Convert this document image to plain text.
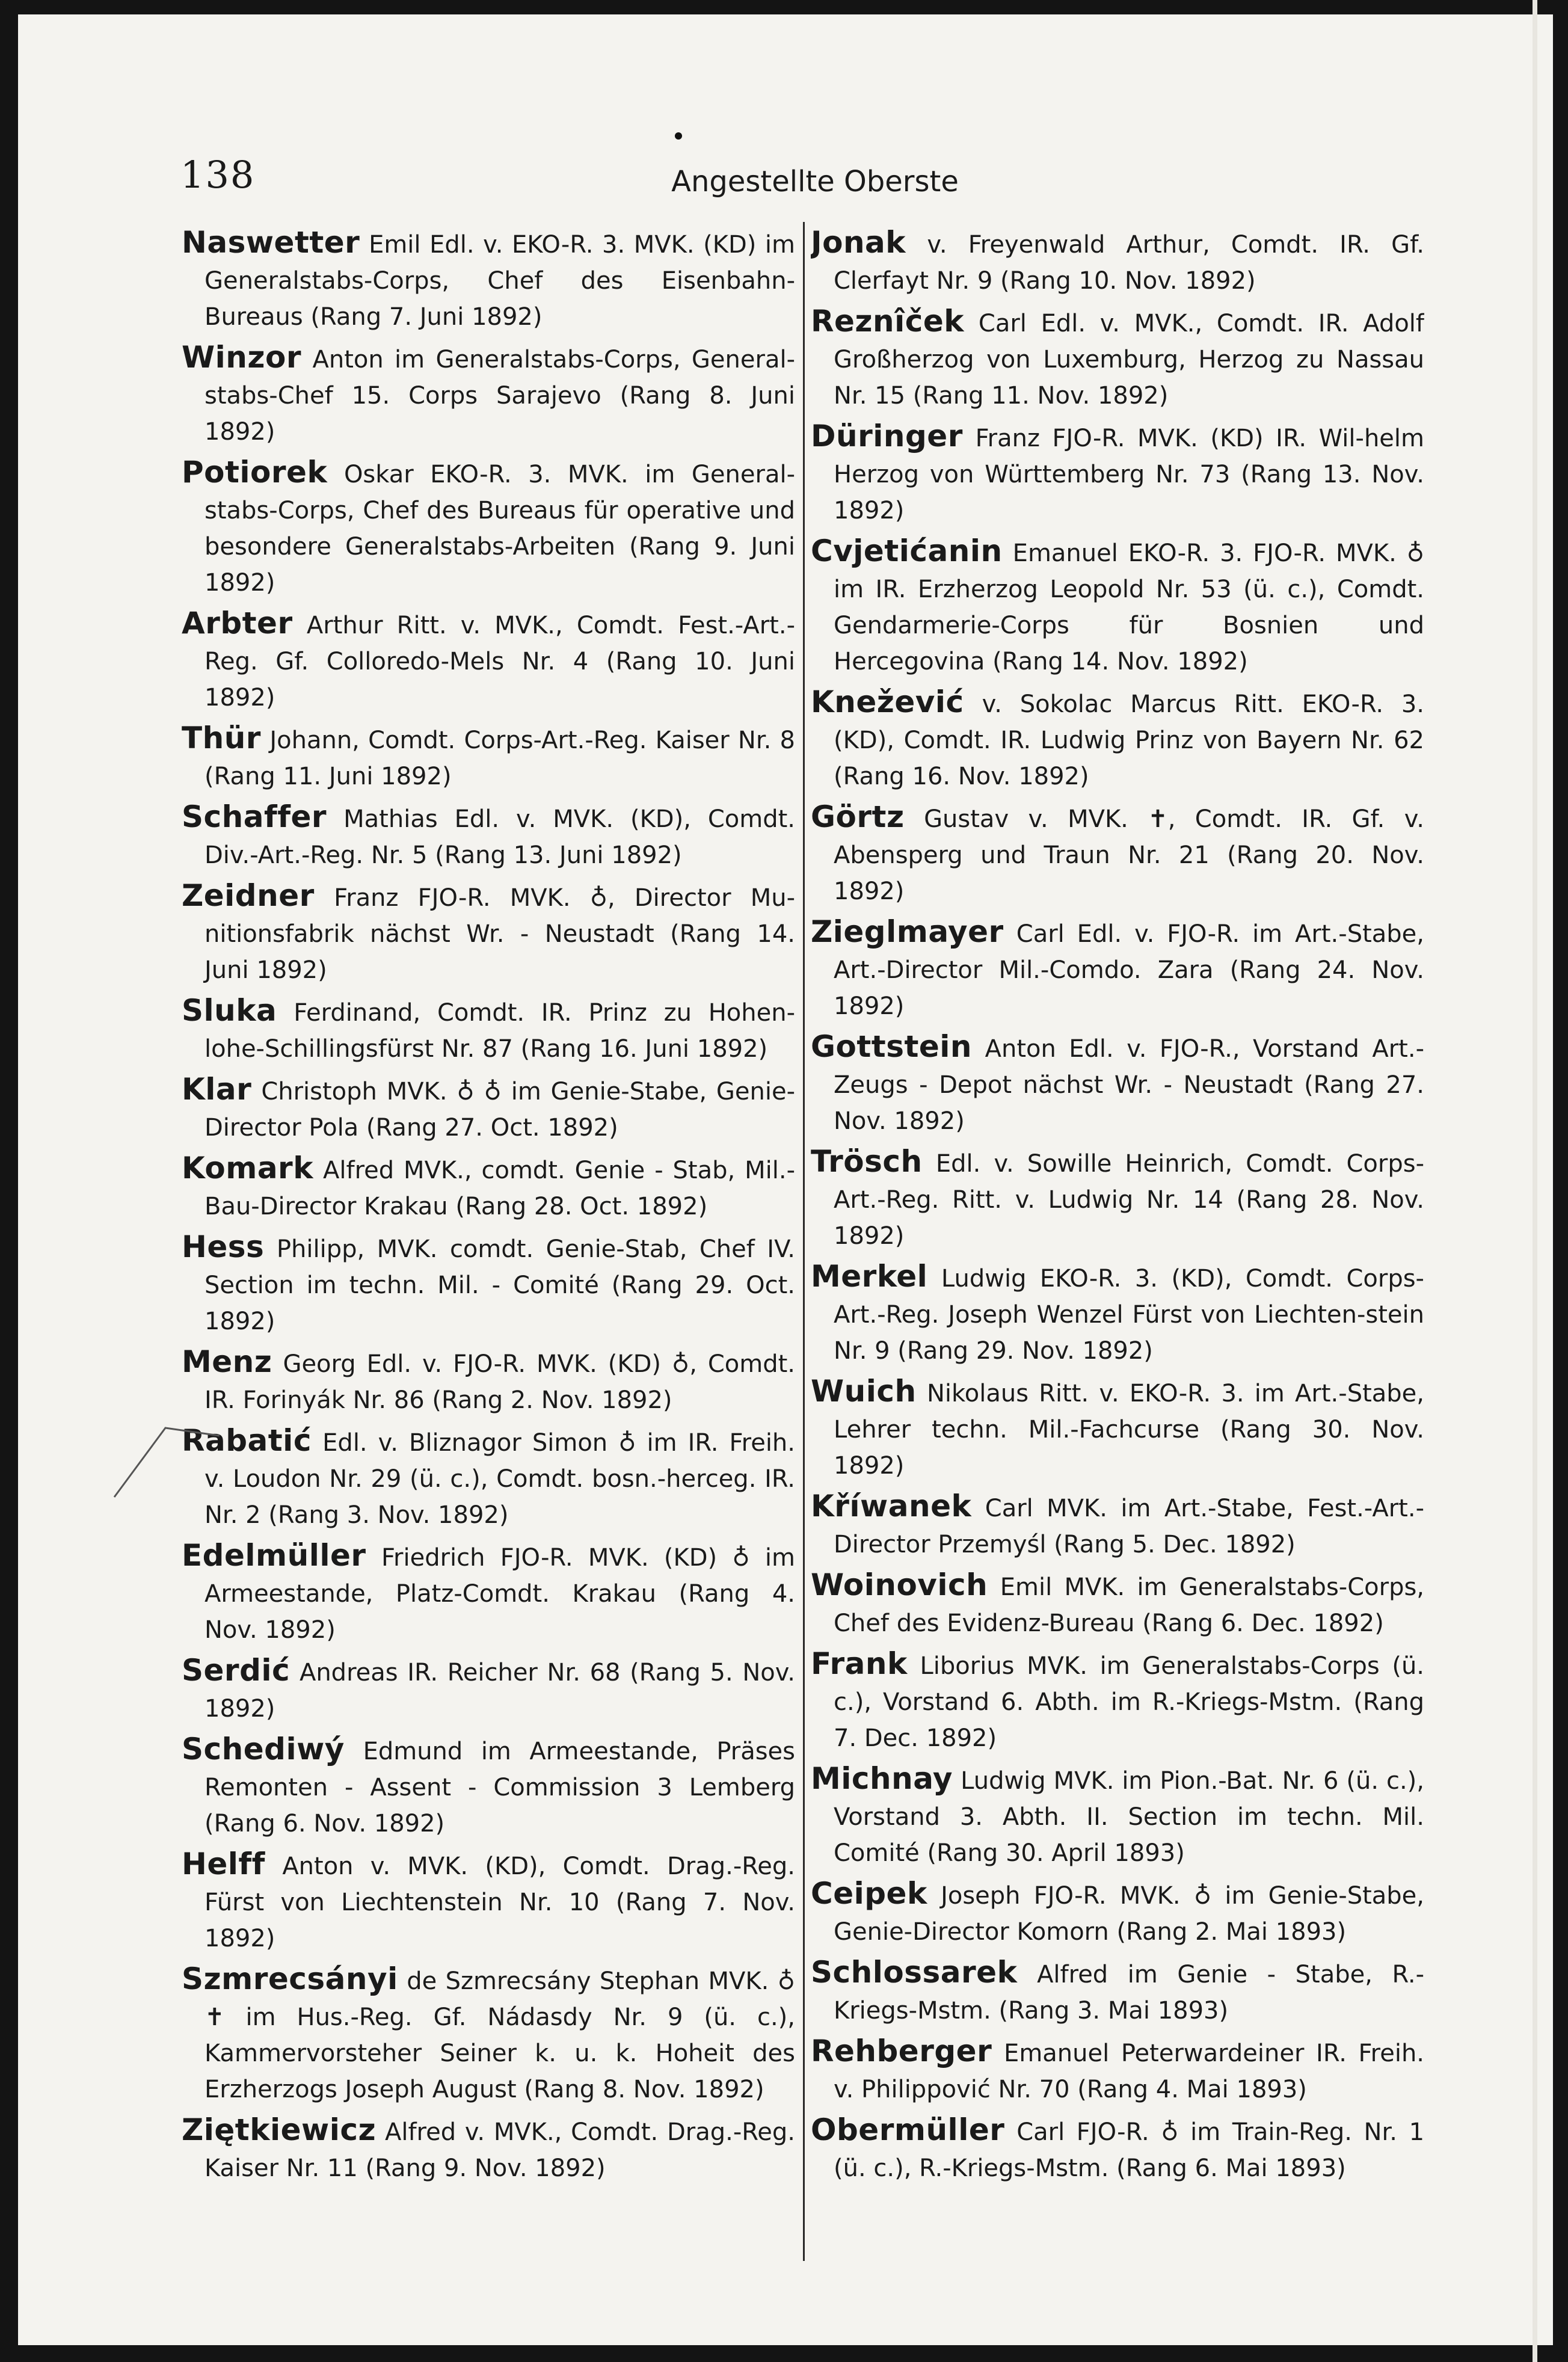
138	Angestellte Oberste

Naswetter Emil Edl. v. EKO-R. 3. MVK. (KD) im Generalstabs-Corps, Chef des Eisenbahn-Bureaus (Rang 7. Juni 1892)

Winzor Anton im Generalstabs-Corps, General-stabs-Chef 15. Corps Sarajevo (Rang 8. Juni 1892)

Potiorek Oskar EKO-R. 3. MVK. im General-stabs-Corps, Chef des Bureaus für operative und besondere Generalstabs-Arbeiten (Rang 9. Juni 1892)

Arbter Arthur Ritt. v. MVK., Comdt. Fest.-Art.-Reg. Gf. Colloredo-Mels Nr. 4 (Rang 10. Juni 1892)

Thür Johann, Comdt. Corps-Art.-Reg. Kaiser Nr. 8 (Rang 11. Juni 1892)

Schaffer Mathias Edl. v. MVK. (KD), Comdt. Div.-Art.-Reg. Nr. 5 (Rang 13. Juni 1892)

Zeidner Franz FJO-R. MVK. ♁, Director Mu-nitionsfabrik nächst Wr. - Neustadt (Rang 14. Juni 1892)

Sluka Ferdinand, Comdt. IR. Prinz zu Hohen-lohe-Schillingsfürst Nr. 87 (Rang 16. Juni 1892)

Klar Christoph MVK. ♁ ♁ im Genie-Stabe, Genie-Director Pola (Rang 27. Oct. 1892)

Komark Alfred MVK., comdt. Genie - Stab, Mil.-Bau-Director Krakau (Rang 28. Oct. 1892)

Hess Philipp, MVK. comdt. Genie-Stab, Chef IV. Section im techn. Mil. - Comité (Rang 29. Oct. 1892)

Menz Georg Edl. v. FJO-R. MVK. (KD) ♁, Comdt. IR. Forinyák Nr. 86 (Rang 2. Nov. 1892)

Rabatić Edl. v. Bliznagor Simon ♁ im IR. Freih. v. Loudon Nr. 29 (ü. c.), Comdt. bosn.-herceg. IR. Nr. 2 (Rang 3. Nov. 1892)

Edelmüller Friedrich FJO-R. MVK. (KD) ♁ im Armeestande, Platz-Comdt. Krakau (Rang 4. Nov. 1892)

Serdić Andreas IR. Reicher Nr. 68 (Rang 5. Nov. 1892)

Schediwý Edmund im Armeestande, Präses Remonten - Assent - Commission 3 Lemberg (Rang 6. Nov. 1892)

Helff Anton v. MVK. (KD), Comdt. Drag.-Reg. Fürst von Liechtenstein Nr. 10 (Rang 7. Nov. 1892)

Szmrecsányi de Szmrecsány Stephan MVK. ♁ ✝ im Hus.-Reg. Gf. Nádasdy Nr. 9 (ü. c.), Kammervorsteher Seiner k. u. k. Hoheit des Erzherzogs Joseph August (Rang 8. Nov. 1892)

Ziętkiewicz Alfred v. MVK., Comdt. Drag.-Reg. Kaiser Nr. 11 (Rang 9. Nov. 1892)

Jonak v. Freyenwald Arthur, Comdt. IR. Gf. Clerfayt Nr. 9 (Rang 10. Nov. 1892)

Reznîček Carl Edl. v. MVK., Comdt. IR. Adolf Großherzog von Luxemburg, Herzog zu Nassau Nr. 15 (Rang 11. Nov. 1892)

Düringer Franz FJO-R. MVK. (KD) IR. Wil-helm Herzog von Württemberg Nr. 73 (Rang 13. Nov. 1892)

Cvjetićanin Emanuel EKO-R. 3. FJO-R. MVK. ♁ im IR. Erzherzog Leopold Nr. 53 (ü. c.), Comdt. Gendarmerie-Corps für Bosnien und Hercegovina (Rang 14. Nov. 1892)

Knežević v. Sokolac Marcus Ritt. EKO-R. 3. (KD), Comdt. IR. Ludwig Prinz von Bayern Nr. 62 (Rang 16. Nov. 1892)

Görtz Gustav v. MVK. ✝, Comdt. IR. Gf. v. Abensperg und Traun Nr. 21 (Rang 20. Nov. 1892)

Zieglmayer Carl Edl. v. FJO-R. im Art.-Stabe, Art.-Director Mil.-Comdo. Zara (Rang 24. Nov. 1892)

Gottstein Anton Edl. v. FJO-R., Vorstand Art.-Zeugs - Depot nächst Wr. - Neustadt (Rang 27. Nov. 1892)

Trösch Edl. v. Sowille Heinrich, Comdt. Corps-Art.-Reg. Ritt. v. Ludwig Nr. 14 (Rang 28. Nov. 1892)

Merkel Ludwig EKO-R. 3. (KD), Comdt. Corps-Art.-Reg. Joseph Wenzel Fürst von Liechten-stein Nr. 9 (Rang 29. Nov. 1892)

Wuich Nikolaus Ritt. v. EKO-R. 3. im Art.-Stabe, Lehrer techn. Mil.-Fachcurse (Rang 30. Nov. 1892)

Kříwanek Carl MVK. im Art.-Stabe, Fest.-Art.-Director Przemyśl (Rang 5. Dec. 1892)

Woinovich Emil MVK. im Generalstabs-Corps, Chef des Evidenz-Bureau (Rang 6. Dec. 1892)

Frank Liborius MVK. im Generalstabs-Corps (ü. c.), Vorstand 6. Abth. im R.-Kriegs-Mstm. (Rang 7. Dec. 1892)

Michnay Ludwig MVK. im Pion.-Bat. Nr. 6 (ü. c.), Vorstand 3. Abth. II. Section im techn. Mil. Comité (Rang 30. April 1893)

Ceipek Joseph FJO-R. MVK. ♁ im Genie-Stabe, Genie-Director Komorn (Rang 2. Mai 1893)

Schlossarek Alfred im Genie - Stabe, R.-Kriegs-Mstm. (Rang 3. Mai 1893)

Rehberger Emanuel Peterwardeiner IR. Freih. v. Philippović Nr. 70 (Rang 4. Mai 1893)

Obermüller Carl FJO-R. ♁ im Train-Reg. Nr. 1 (ü. c.), R.-Kriegs-Mstm. (Rang 6. Mai 1893)
